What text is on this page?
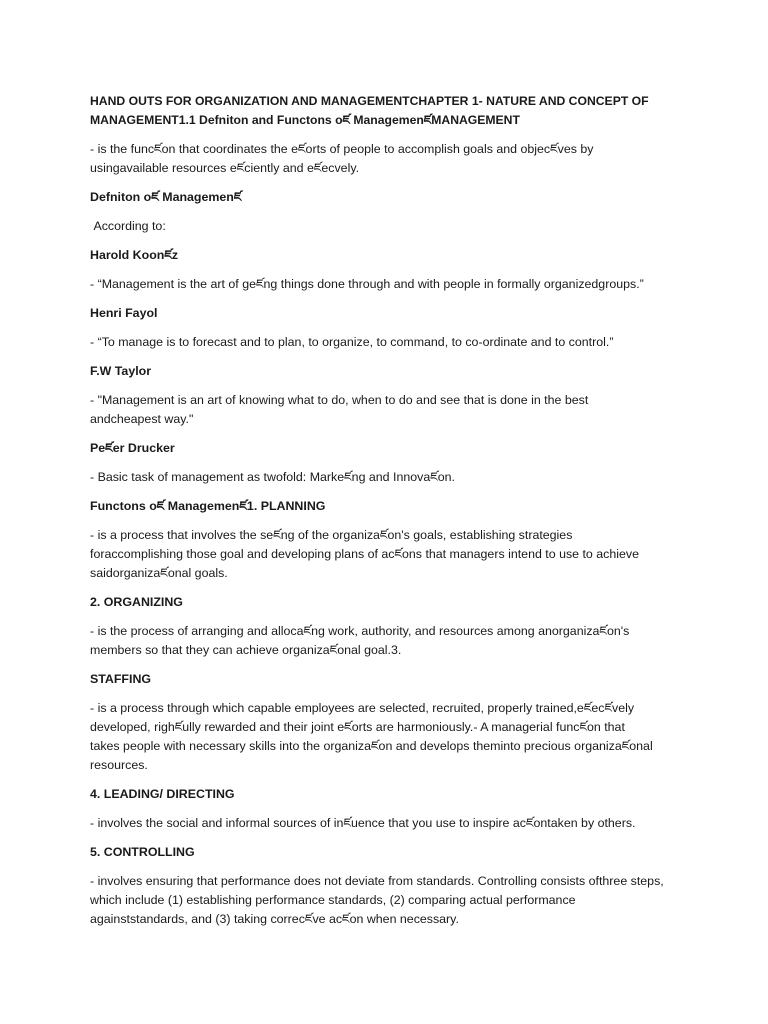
HAND OUTS FOR ORGANIZATION AND MANAGEMENTCHAPTER 1- NATURE AND CONCEPT OF
MANAGEMENT1.1 Defniton and Functons oཛ ManagemenཛMANAGEMENT
- is the funcཛon that coordinates the eཛorts of people to accomplish goals and objecཛves by
usingavailable resources eཛciently and eཛecvely.
Defniton oཛ Managemenཛ
According to:
Harold Koonཛz
- “Management is the art of geཛng things done through and with people in formally organizedgroups.”
Henri Fayol
- “To manage is to forecast and to plan, to organize, to command, to co-ordinate and to control.”
F.W Taylor
- "Management is an art of knowing what to do, when to do and see that is done in the best
andcheapest way."
Peཛer Drucker
- Basic task of management as twofold: Markeཛng and Innovaཛon.
Functons oཛ Managemenཛ1. PLANNING
- is a process that involves the seཛng of the organizaཛon's goals, establishing strategies
foraccomplishing those goal and developing plans of acཛons that managers intend to use to achieve
saidorganizaཛonal goals.
2. ORGANIZING
- is the process of arranging and allocaཛng work, authority, and resources among anorganizaཛon's
members so that they can achieve organizaཛonal goal.3.
STAFFING
- is a process through which capable employees are selected, recruited, properly trained,eཛecཛvely
developed, righཛully rewarded and their joint eཛorts are harmoniously.- A managerial funcཛon that
takes people with necessary skills into the organizaཛon and develops theminto precious organizaཛonal
resources.
4. LEADING/ DIRECTING
- involves the social and informal sources of inཛuence that you use to inspire acཛontaken by others.
5. CONTROLLING
- involves ensuring that performance does not deviate from standards. Controlling consists ofthree steps,
which include (1) establishing performance standards, (2) comparing actual performance
againststandards, and (3) taking correcཛve acཛon when necessary.
